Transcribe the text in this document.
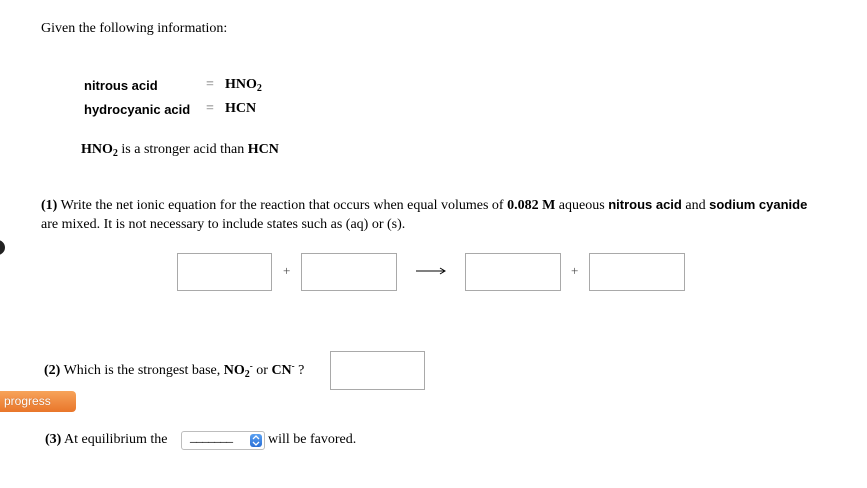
Given the following information:
nitrous acid	= $HNO_2$
hydrocyanic acid = HCN
$HNO_2$ is a stronger acid than HCN
(1) Write the net ionic equation for the reaction that occurs when equal volumes of 0.082 M aqueous nitrous acid and sodium cyanide are mixed. It is not necessary to include states such as (aq) or (s).
+	+
(2) Which is the strongest base, $NO_2^-$ or CN- ?
progress
(3) At equilibrium the _______	will be favored.
